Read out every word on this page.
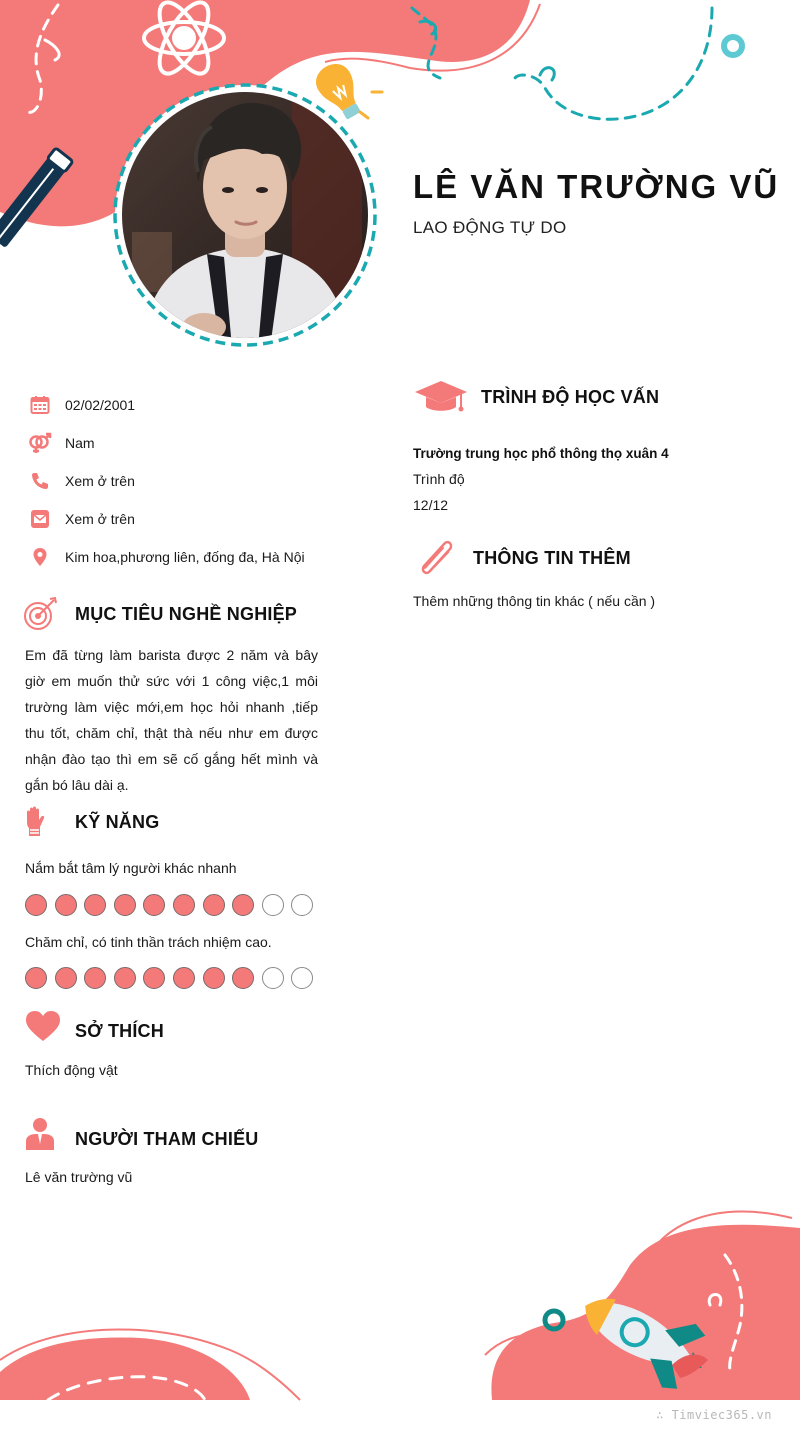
LÊ VĂN TRƯỜNG VŨ
LAO ĐỘNG TỰ DO
02/02/2001
Nam
Xem ở trên
Xem ở trên
Kim hoa,phương liên, đống đa, Hà Nội
MỤC TIÊU NGHỀ NGHIỆP
Em đã từng làm barista được 2 năm và bây giờ em muốn thử sức với 1 công việc,1 môi trường làm việc mới,em học hỏi nhanh ,tiếp thu tốt, chăm chỉ, thật thà nếu như em được nhận đào tạo thì em sẽ cố gắng hết mình và gắn bó lâu dài ạ.
KỸ NĂNG
Nắm bắt tâm lý người khác nhanh
Chăm chỉ, có tinh thần trách nhiệm cao.
SỞ THÍCH
Thích động vật
NGƯỜI THAM CHIẾU
Lê văn trường vũ
TRÌNH ĐỘ HỌC VẤN
Trường trung học phổ thông thọ xuân 4
Trình độ
12/12
THÔNG TIN THÊM
Thêm những thông tin khác ( nếu cần )
∴ Timviec365.vn
